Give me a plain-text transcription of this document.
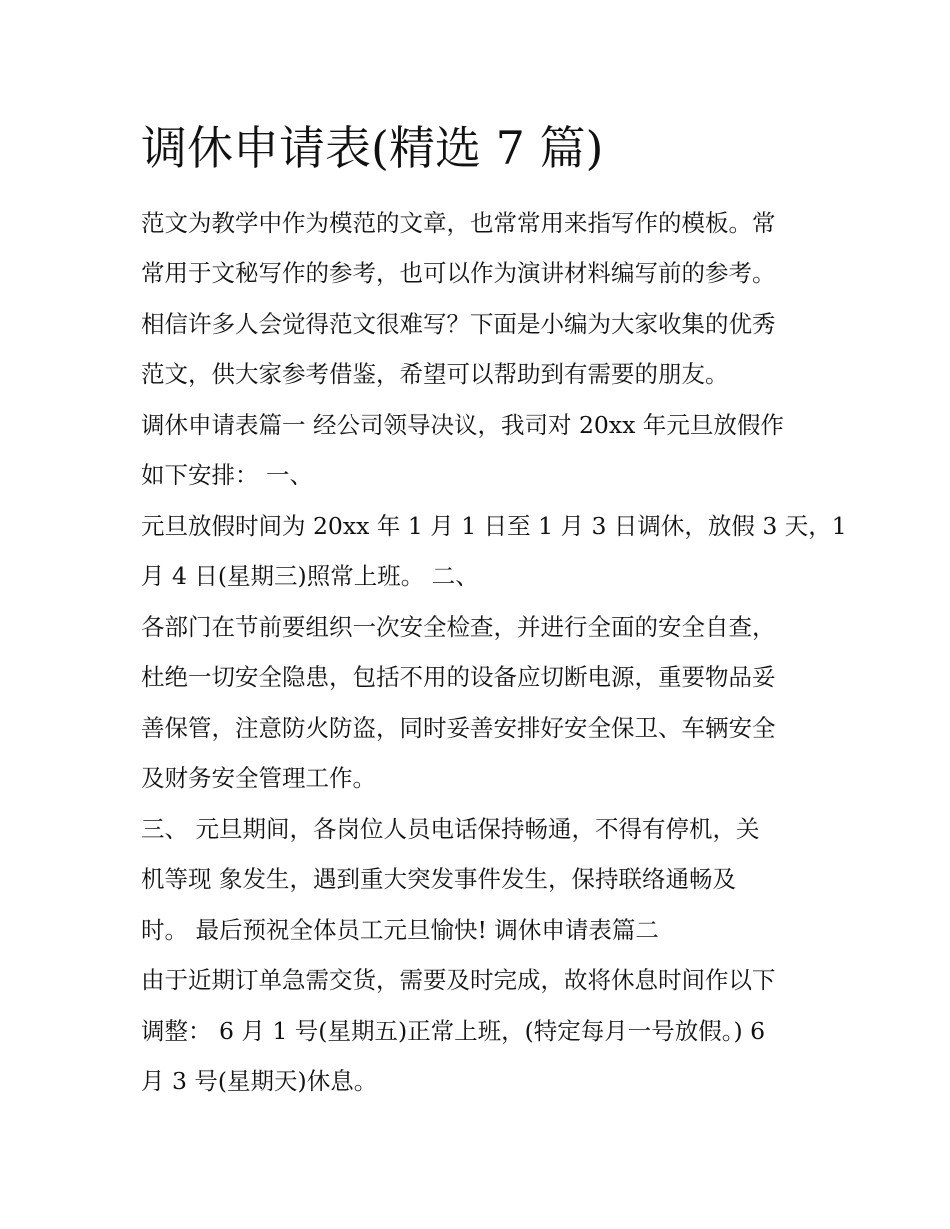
调休申请表(精选 7 篇)

范文为教学中作为模范的文章，也常常用来指写作的模板。常

常用于文秘写作的参考，也可以作为演讲材料编写前的参考。

相信许多人会觉得范文很难写？下面是小编为大家收集的优秀

范文，供大家参考借鉴，希望可以帮助到有需要的朋友。

调休申请表篇一 经公司领导决议，我司对 20xx 年元旦放假作

如下安排： 一、

元旦放假时间为 20xx 年 1 月 1 日至 1 月 3 日调休，放假 3 天，1

月 4 日(星期三)照常上班。 二、

各部门在节前要组织一次安全检查，并进行全面的安全自查，

杜绝一切安全隐患，包括不用的设备应切断电源，重要物品妥

善保管，注意防火防盗，同时妥善安排好安全保卫、车辆安全

及财务安全管理工作。

三、 元旦期间，各岗位人员电话保持畅通，不得有停机，关

机等现 象发生，遇到重大突发事件发生，保持联络通畅及

时。 最后预祝全体员工元旦愉快! 调休申请表篇二

由于近期订单急需交货，需要及时完成，故将休息时间作以下

调整： 6 月 1 号(星期五)正常上班，(特定每月一号放假。) 6

月 3 号(星期天)休息。
